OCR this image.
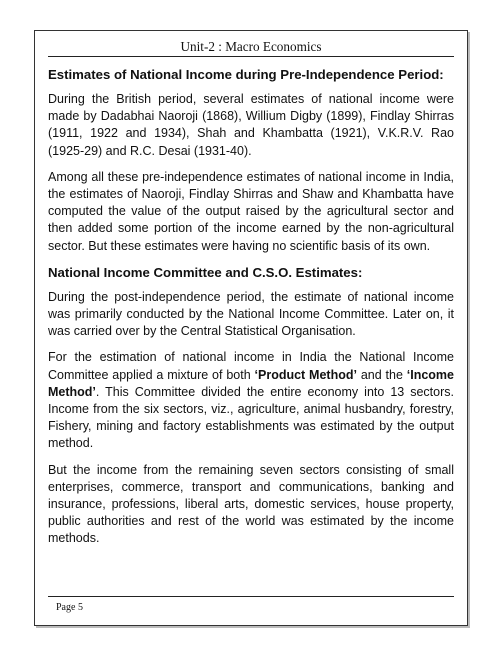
Unit-2 : Macro Economics
Estimates of National Income during Pre-Independence Period:

During the British period, several estimates of national income were made by Dadabhai Naoroji (1868), Willium Digby (1899), Findlay Shirras (1911, 1922 and 1934), Shah and Khambatta (1921), V.K.R.V. Rao (1925-29) and R.C. Desai (1931-40).

Among all these pre-independence estimates of national income in India, the estimates of Naoroji, Findlay Shirras and Shaw and Khambatta have computed the value of the output raised by the agricultural sector and then added some portion of the income earned by the non-agricultural sector. But these estimates were having no scientific basis of its own.

National Income Committee and C.S.O. Estimates:

During the post-independence period, the estimate of national income was primarily conducted by the National Income Committee. Later on, it was carried over by the Central Statistical Organisation.

For the estimation of national income in India the National Income Committee applied a mixture of both ‘Product Method’ and the ‘Income Method’. This Committee divided the entire economy into 13 sectors. Income from the six sectors, viz., agriculture, animal husbandry, forestry, Fishery, mining and factory establishments was estimated by the output method.

But the income from the remaining seven sectors consisting of small enterprises, commerce, transport and communications, banking and insurance, professions, liberal arts, domestic services, house property, public authorities and rest of the world was estimated by the income methods.

Page 5
